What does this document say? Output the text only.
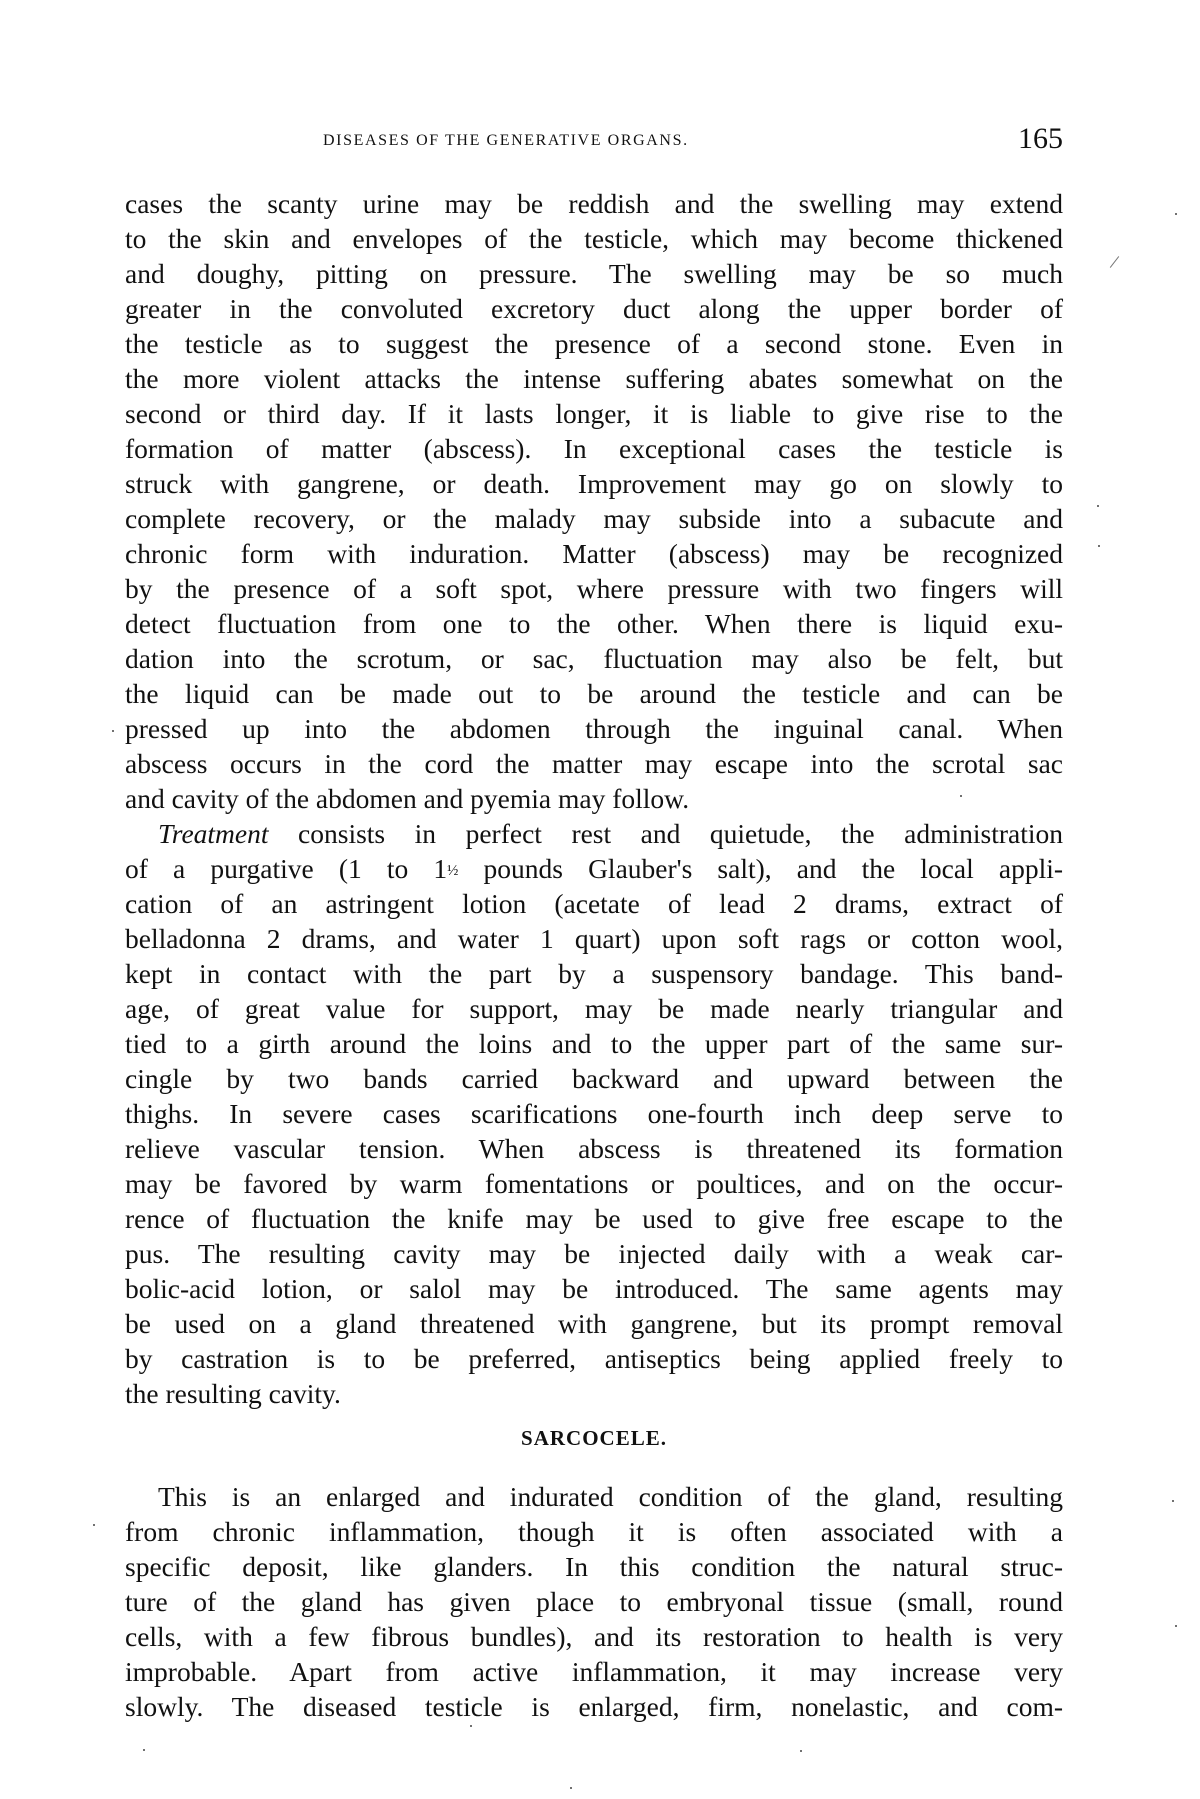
DISEASES OF THE GENERATIVE ORGANS.	165
cases the scanty urine may be reddish and the swelling may extend
to the skin and envelopes of the testicle, which may become thickened
and doughy, pitting on pressure. The swelling may be so much
greater in the convoluted excretory duct along the upper border of
the testicle as to suggest the presence of a second stone. Even in
the more violent attacks the intense suffering abates somewhat on the
second or third day. If it lasts longer, it is liable to give rise to the
formation of matter (abscess). In exceptional cases the testicle is
struck with gangrene, or death. Improvement may go on slowly to
complete recovery, or the malady may subside into a subacute and
chronic form with induration. Matter (abscess) may be recognized
by the presence of a soft spot, where pressure with two fingers will
detect fluctuation from one to the other. When there is liquid exu-
dation into the scrotum, or sac, fluctuation may also be felt, but
the liquid can be made out to be around the testicle and can be
pressed up into the abdomen through the inguinal canal. When
abscess occurs in the cord the matter may escape into the scrotal sac
and cavity of the abdomen and pyemia may follow.
Treatment consists in perfect rest and quietude, the administration
of a purgative (1 to 1½ pounds Glauber's salt), and the local appli-
cation of an astringent lotion (acetate of lead 2 drams, extract of
belladonna 2 drams, and water 1 quart) upon soft rags or cotton wool,
kept in contact with the part by a suspensory bandage. This band-
age, of great value for support, may be made nearly triangular and
tied to a girth around the loins and to the upper part of the same sur-
cingle by two bands carried backward and upward between the
thighs. In severe cases scarifications one-fourth inch deep serve to
relieve vascular tension. When abscess is threatened its formation
may be favored by warm fomentations or poultices, and on the occur-
rence of fluctuation the knife may be used to give free escape to the
pus. The resulting cavity may be injected daily with a weak car-
bolic-acid lotion, or salol may be introduced. The same agents may
be used on a gland threatened with gangrene, but its prompt removal
by castration is to be preferred, antiseptics being applied freely to
the resulting cavity.
SARCOCELE.
This is an enlarged and indurated condition of the gland, resulting
from chronic inflammation, though it is often associated with a
specific deposit, like glanders. In this condition the natural struc-
ture of the gland has given place to embryonal tissue (small, round
cells, with a few fibrous bundles), and its restoration to health is very
improbable. Apart from active inflammation, it may increase very
slowly. The diseased testicle is enlarged, firm, nonelastic, and com-
